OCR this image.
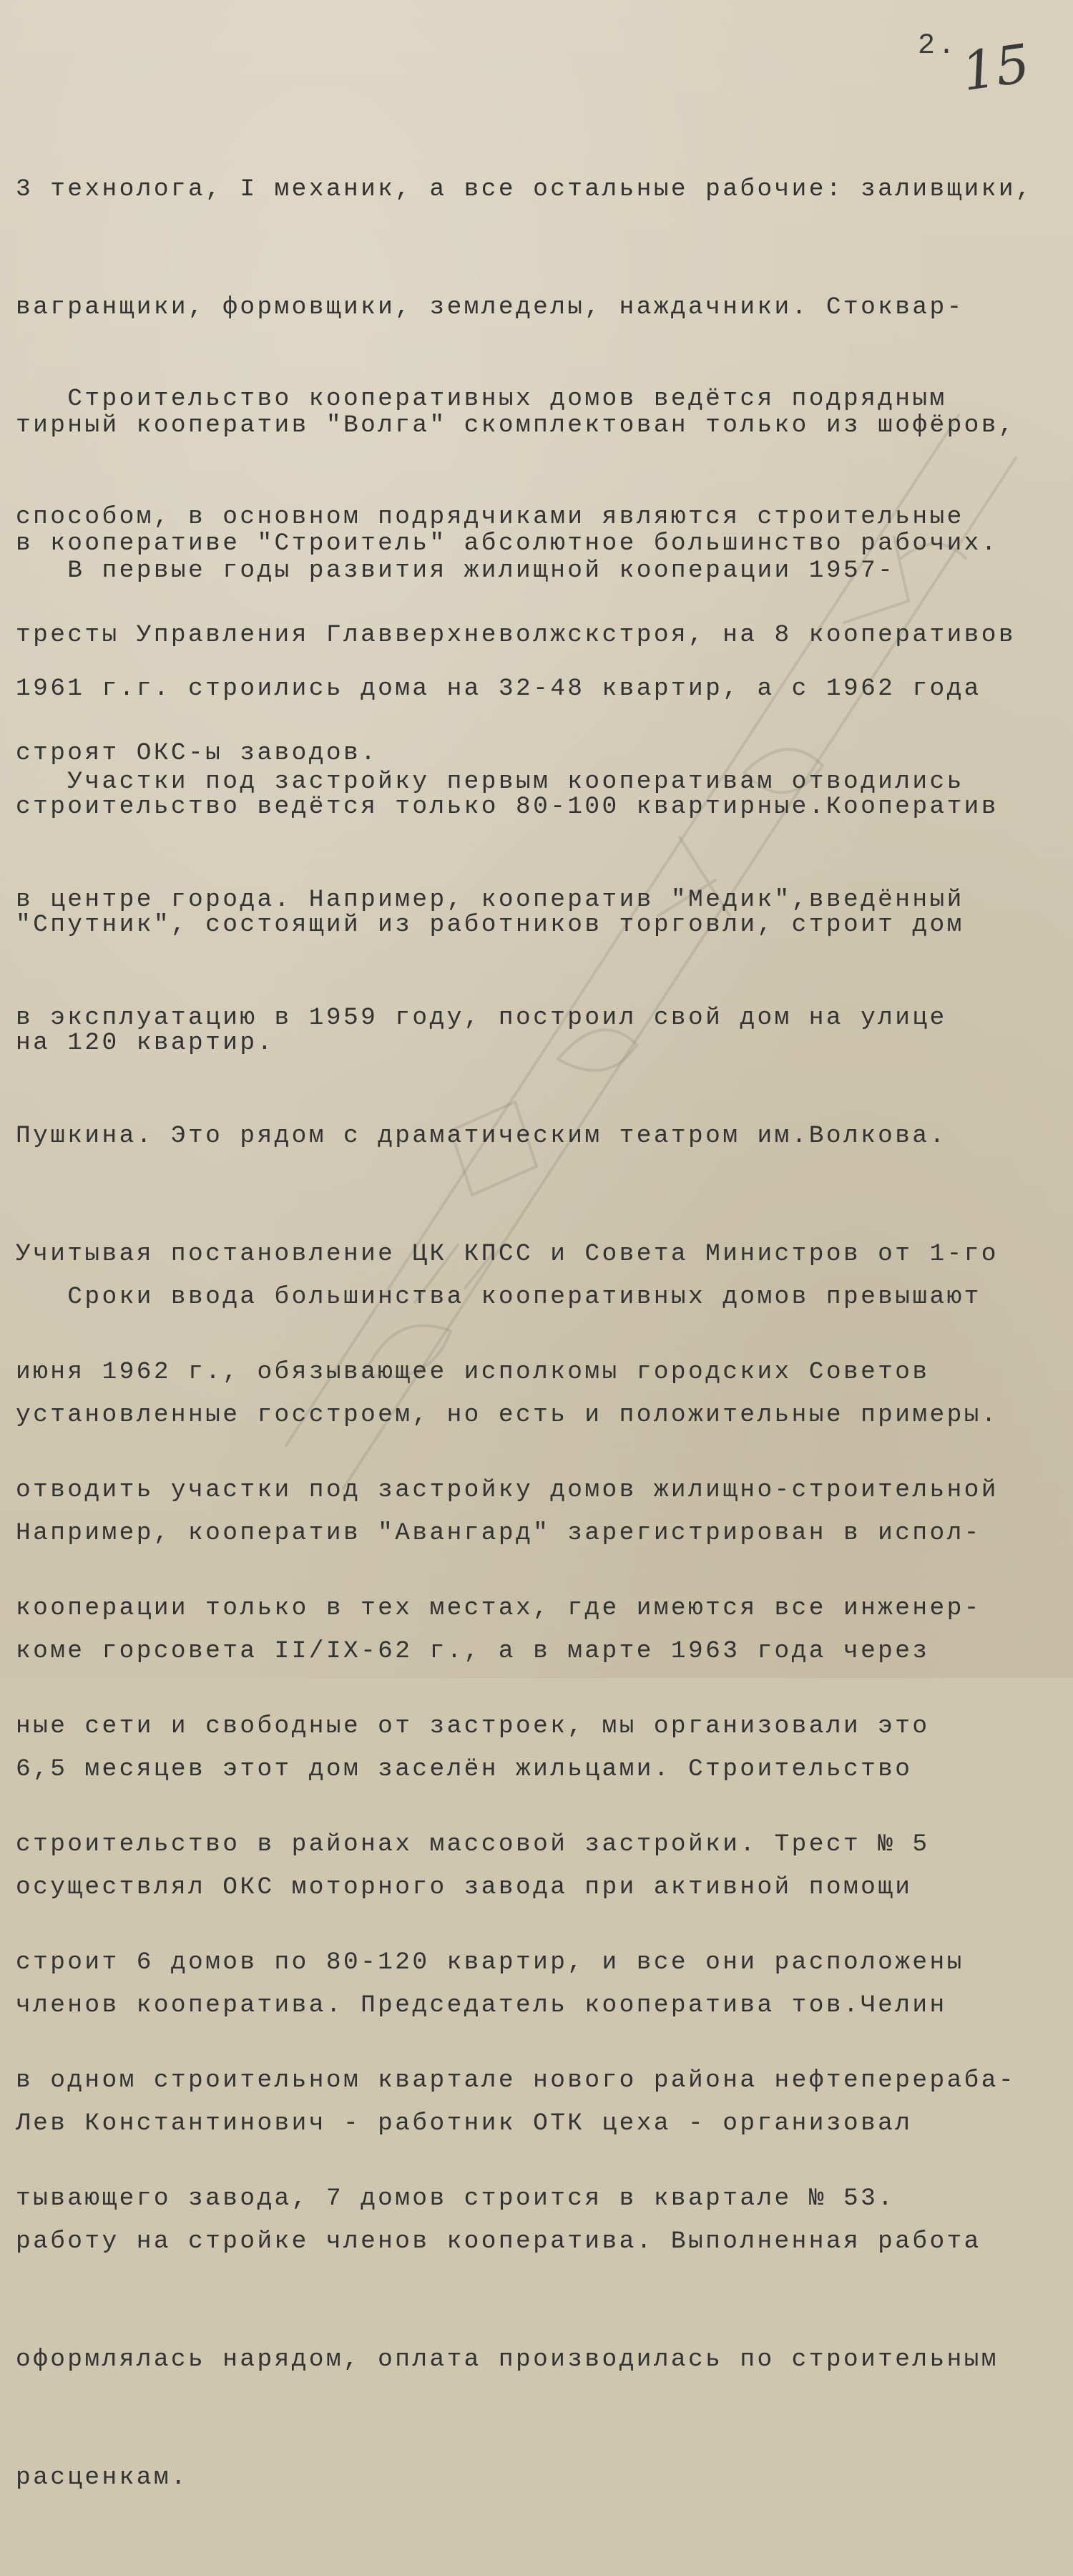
2. 15

3 технолога, I механик, а все остальные рабочие: заливщики,

вагранщики, формовщики, земледелы, наждачники. Стоквар-

тирный кооператив "Волга" скомплектован только из шофёров,

в кооперативе "Строитель" абсолютное большинство рабочих.

Строительство кооперативных домов ведётся подрядным

способом, в основном подрядчиками являются строительные

тресты Управления Главверхневолжскстроя, на 8 кооперативов

строят ОКС-ы заводов.

В первые годы развития жилищной кооперации 1957-

1961 г.г. строились дома на 32-48 квартир, а с 1962 года

строительство ведётся только 80-100 квартирные.Кооператив

"Спутник", состоящий из работников торговли, строит дом

на 120 квартир.

Участки под застройку первым кооперативам отводились

в центре города. Например, кооператив "Медик",введённый

в эксплуатацию в 1959 году, построил свой дом на улице

Пушкина. Это рядом с драматическим театром им.Волкова.

Учитывая постановление ЦК КПСС и Совета Министров от 1-го

июня 1962 г., обязывающее исполкомы городских Советов

отводить участки под застройку домов жилищно-строительной

кооперации только в тех местах, где имеются все инженер-

ные сети и свободные от застроек, мы организовали это

строительство в районах массовой застройки. Трест № 5

строит 6 домов по 80-120 квартир, и все они расположены

в одном строительном квартале нового района нефтеперераба-

тывающего завода, 7 домов строится в квартале № 53.

Сроки ввода большинства кооперативных домов превышают

установленные госстроем, но есть и положительные примеры.

Например, кооператив "Авангард" зарегистрирован в испол-

коме горсовета II/IX-62 г., а в марте 1963 года через

6,5 месяцев этот дом заселён жильцами. Строительство

осуществлял ОКС моторного завода при активной помощи

членов кооператива. Председатель кооператива тов.Челин

Лев Константинович - работник ОТК цеха - организовал

работу на стройке членов кооператива. Выполненная работа

оформлялась нарядом, оплата производилась по строительным

расценкам.
